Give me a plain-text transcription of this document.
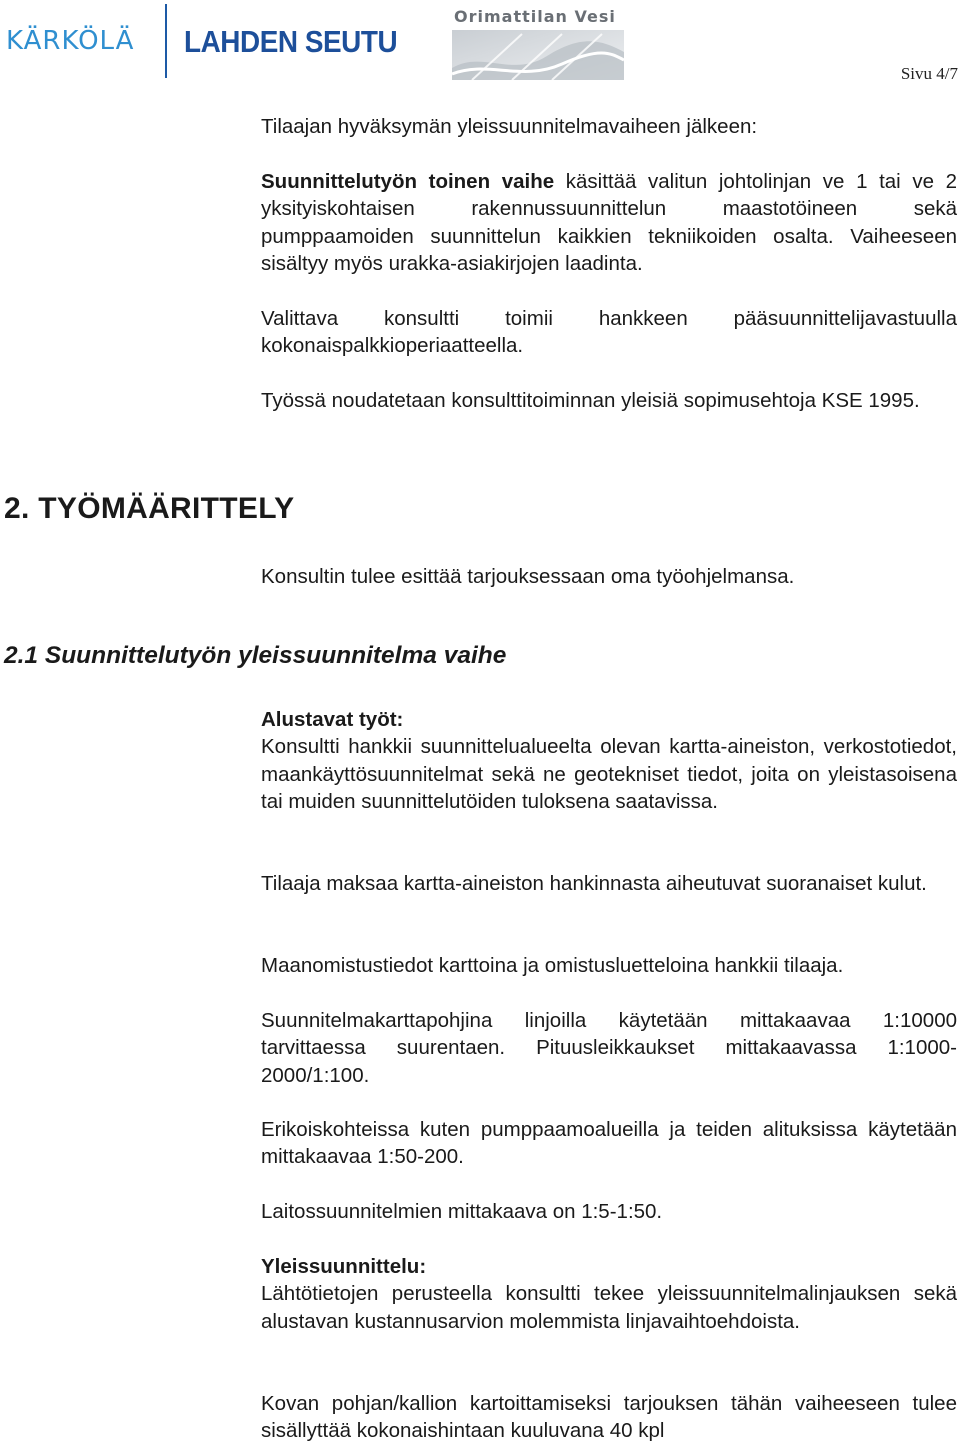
KÄRKÖLÄ LAHDEN SEUTU
Orimattilan Vesi
Sivu 4/7

Tilaajan hyväksymän yleissuunnitelmavaiheen jälkeen:

Suunnittelutyön toinen vaihe käsittää valitun johtolinjan ve 1 tai ve 2 yksityiskohtaisen rakennussuunnittelun maastotöineen sekä pumppaamoiden suunnittelun kaikkien tekniikoiden osalta. Vaiheeseen sisältyy myös urakka-asiakirjojen laadinta.

Valittava konsultti toimii hankkeen pääsuunnittelijavastuulla kokonaispalkkioperiaatteella.

Työssä noudatetaan konsulttitoiminnan yleisiä sopimusehtoja KSE 1995.

2. TYÖMÄÄRITTELY

Konsultin tulee esittää tarjouksessaan oma työohjelmansa.

2.1 Suunnittelutyön yleissuunnitelma vaihe

Alustavat työt:

Konsultti hankkii suunnittelualueelta olevan kartta-aineiston, verkostotiedot, maankäyttösuunnitelmat sekä ne geotekniset tiedot, joita on yleistasoisena tai muiden suunnittelutöiden tuloksena saatavissa.

Tilaaja maksaa kartta-aineiston hankinnasta aiheutuvat suoranaiset kulut.

Maanomistustiedot karttoina ja omistusluetteloina hankkii tilaaja.

Suunnitelmakarttapohjina linjoilla käytetään mittakaavaa 1:10000 tarvittaessa suurentaen. Pituusleikkaukset mittakaavassa 1:1000-2000/1:100.

Erikoiskohteissa kuten pumppaamoalueilla ja teiden alituksissa käytetään mittakaavaa 1:50-200.

Laitossuunnitelmien mittakaava on 1:5-1:50.

Yleissuunnittelu:

Lähtötietojen perusteella konsultti tekee yleissuunnitelmalinjauksen sekä alustavan kustannusarvion molemmista linjavaihtoehdoista.

Kovan pohjan/kallion kartoittamiseksi tarjouksen tähän vaiheeseen tulee sisällyttää kokonaishintaan kuuluvana 40 kpl
